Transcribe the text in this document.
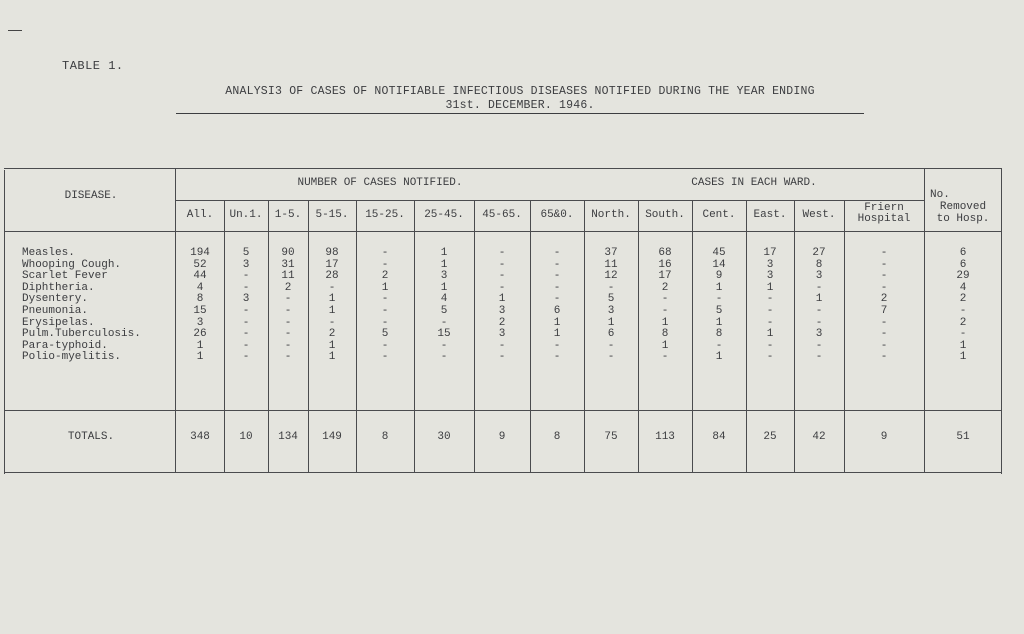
TABLE 1.
ANALYSI3 OF CASES OF NOTIFIABLE INFECTIOUS DISEASES NOTIFIED DURING THE YEAR ENDING
31st. DECEMBER. 1946.
DISEASE.
NUMBER OF CASES NOTIFIED.	CASES IN EACH WARD.
No.
Removed
to Hosp.
Friern
Hospital
All.	Un.1.	1-5.	5-15.	15-25.	25-45.	45-65.	65&0.	North.	South.	Cent.	East.	West.
Measles.	194	5	90	98	-	1	-	-	37	68	45	17	27	-	6
Whooping Cough.	52	3	31	17	-	1	-	-	11	16	14	3	8	-	6
Scarlet Fever	44	-	11	28	2	3	-	-	12	17	9	3	3	-	29
Diphtheria.	4	-	2	-	1	1	-	-	-	2	1	1	-	-	4
Dysentery.	8	3	-	1	-	4	1	-	5	-	-	-	1	2	2
Pneumonia.	15	-	-	1	-	5	3	6	3	-	5	-	-	7	-
Erysipelas.	3	-	-	-	-	-	2	1	1	1	1	-	-	-	2
Pulm.Tuberculosis.	26	-	-	2	5	15	3	1	6	8	8	1	3	-	-
Para-typhoid.	1	-	-	1	-	-	-	-	-	1	-	-	-	-	1
Polio-myelitis.	1	-	-	1	-	-	-	-	-	-	1	-	-	-	1
TOTALS.	348	10	134	149	8	30	9	8	75	113	84	25	42	9	51
